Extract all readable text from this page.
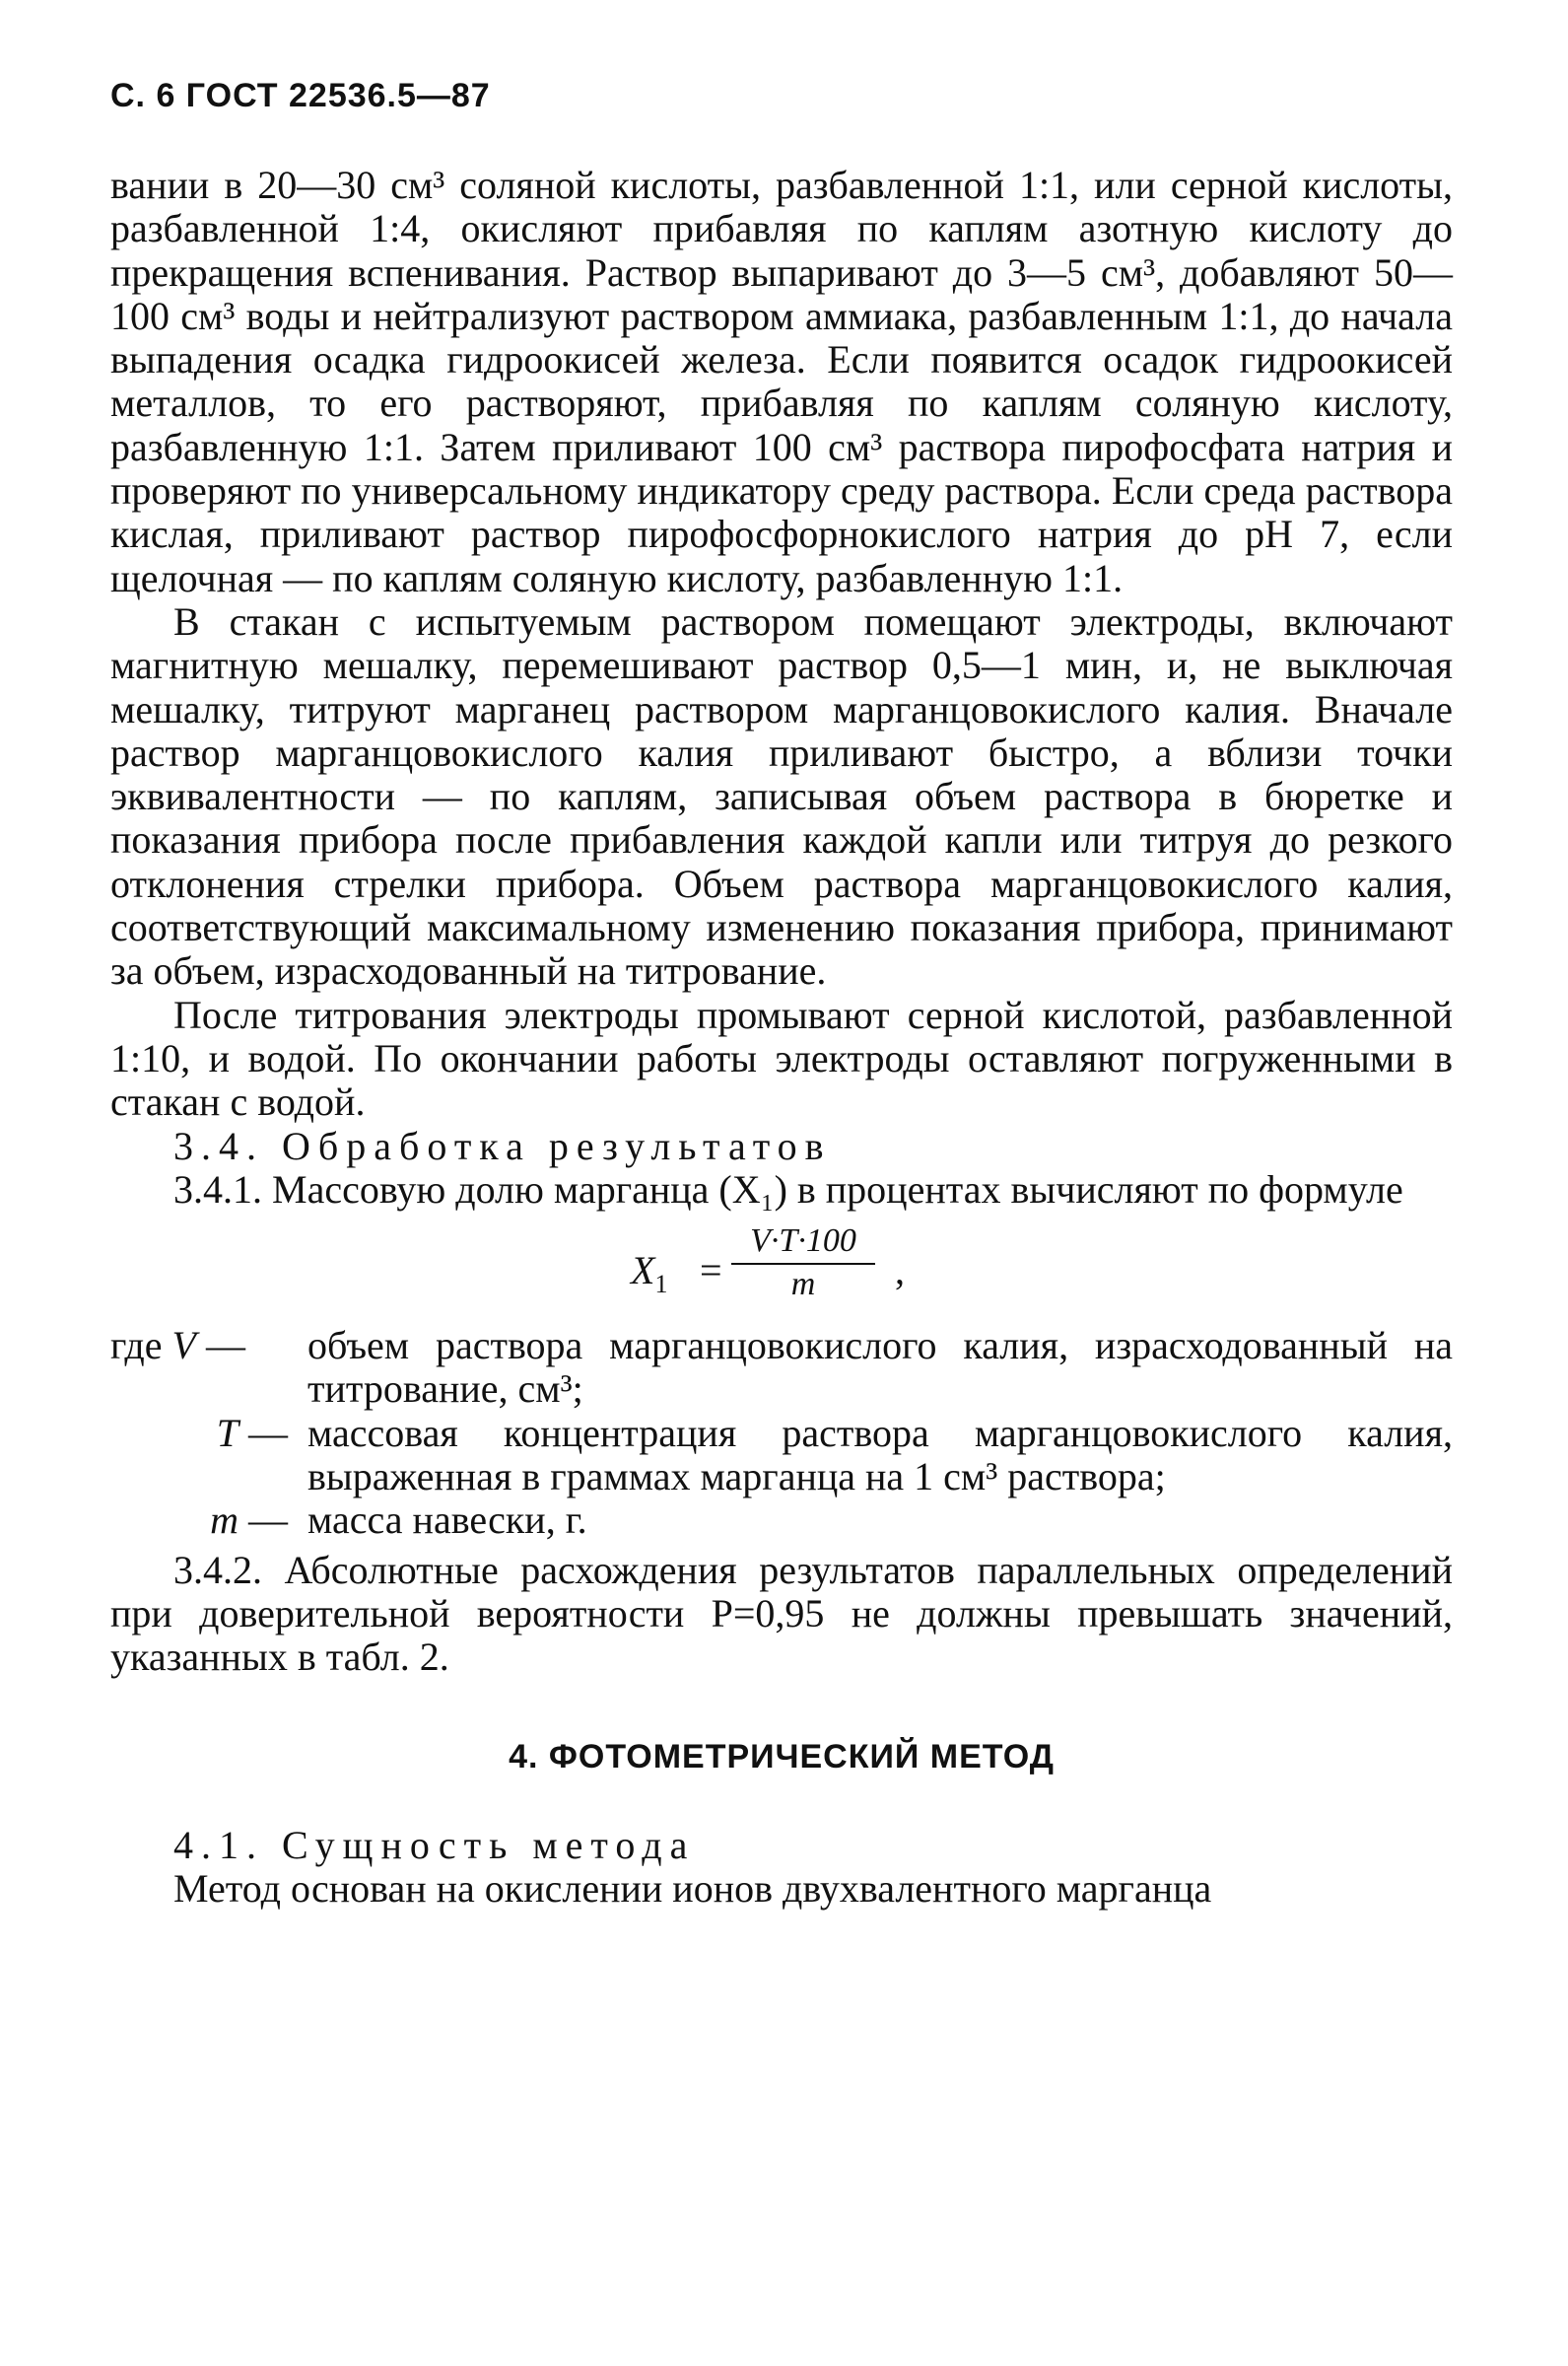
С. 6 ГОСТ 22536.5—87

вании в 20—30 см³ соляной кислоты, разбавленной 1:1, или серной кислоты, разбавленной 1:4, окисляют прибавляя по каплям азотную кислоту до прекращения вспенивания. Раствор выпаривают до 3—5 см³, добавляют 50—100 см³ воды и нейтрализуют раствором аммиака, разбавленным 1:1, до начала выпадения осадка гидроокисей железа. Если появится осадок гидроокисей металлов, то его растворяют, прибавляя по каплям соляную кислоту, разбавленную 1:1. Затем приливают 100 см³ раствора пирофосфата натрия и проверяют по универсальному индикатору среду раствора. Если среда раствора кислая, приливают раствор пирофосфорнокислого натрия до pH 7, если щелочная — по каплям соляную кислоту, разбавленную 1:1.

В стакан с испытуемым раствором помещают электроды, включают магнитную мешалку, перемешивают раствор 0,5—1 мин, и, не выключая мешалку, титруют марганец раствором марганцовокислого калия. Вначале раствор марганцовокислого калия приливают быстро, а вблизи точки эквивалентности — по каплям, записывая объем раствора в бюретке и показания прибора после прибавления каждой капли или титруя до резкого отклонения стрелки прибора. Объем раствора марганцовокислого калия, соответствующий максимальному изменению показания прибора, принимают за объем, израсходованный на титрование.

После титрования электроды промывают серной кислотой, разбавленной 1:10, и водой. По окончании работы электроды оставляют погруженными в стакан с водой.

3.4. Обработка результатов

3.4.1. Массовую долю марганца (X₁) в процентах вычисляют по формуле

$X_1 = \frac{V\cdot T\cdot 100}{m}$ ,
где V —	объем раствора марганцовокислого калия, израсходованный на титрование, см³;
T — массовая концентрация раствора марганцовокислого калия, выраженная в граммах марганца на 1 см³ раствора;
m — масса навески, г.

3.4.2. Абсолютные расхождения результатов параллельных определений при доверительной вероятности P=0,95 не должны превышать значений, указанных в табл. 2.

4. ФОТОМЕТРИЧЕСКИЙ МЕТОД

4.1. Сущность метода

Метод основан на окислении ионов двухвалентного марганца
